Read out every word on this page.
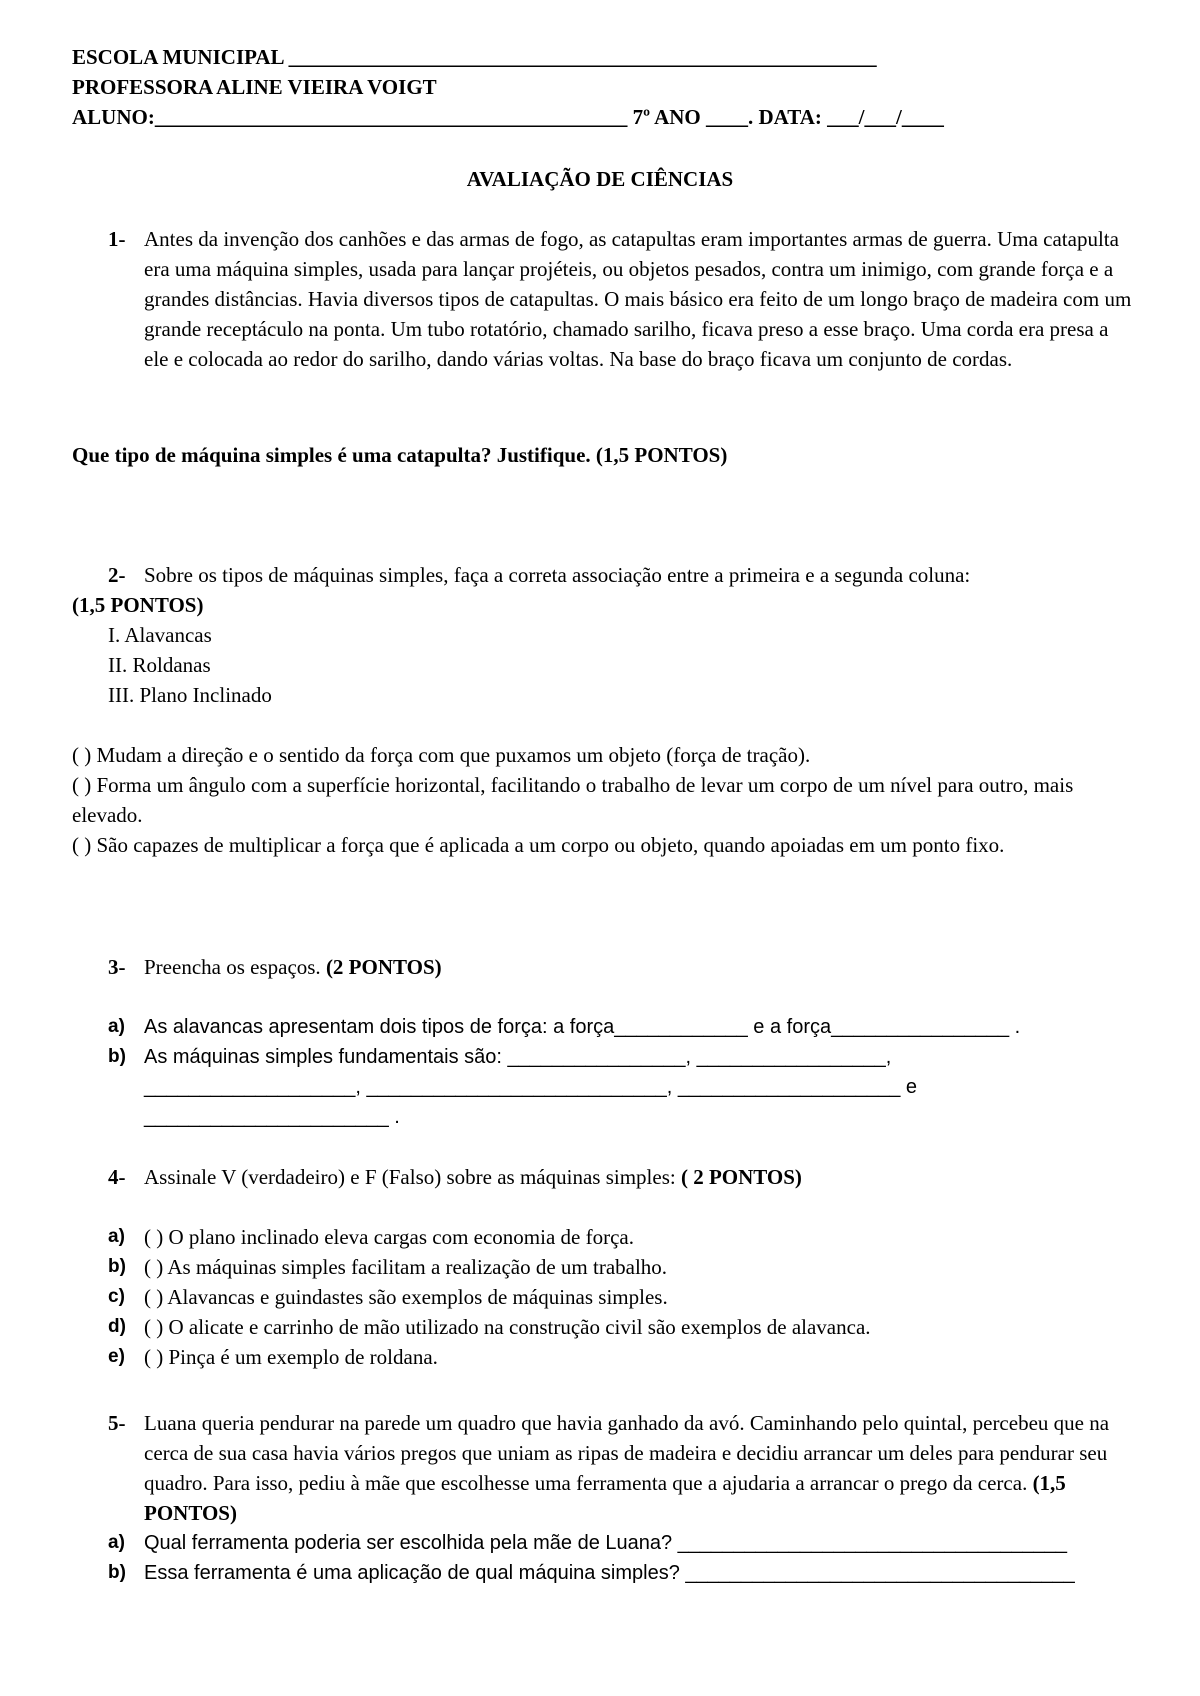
ESCOLA MUNICIPAL ________________________________________________________
PROFESSORA ALINE VIEIRA VOIGT
ALUNO:_____________________________________________ 7º ANO ____. DATA: ___/___/____
AVALIAÇÃO DE CIÊNCIAS
1- Antes da invenção dos canhões e das armas de fogo, as catapultas eram importantes armas de guerra. Uma catapulta era uma máquina simples, usada para lançar projéteis, ou objetos pesados, contra um inimigo, com grande força e a grandes distâncias. Havia diversos tipos de catapultas. O mais básico era feito de um longo braço de madeira com um grande receptáculo na ponta. Um tubo rotatório, chamado sarilho, ficava preso a esse braço. Uma corda era presa a ele e colocada ao redor do sarilho, dando várias voltas. Na base do braço ficava um conjunto de cordas.
Que tipo de máquina simples é uma catapulta? Justifique. (1,5 PONTOS)
2- Sobre os tipos de máquinas simples, faça a correta associação entre a primeira e a segunda coluna:
(1,5 PONTOS)
I. Alavancas
II. Roldanas
III. Plano Inclinado
( ) Mudam a direção e o sentido da força com que puxamos um objeto (força de tração).
( ) Forma um ângulo com a superfície horizontal, facilitando o trabalho de levar um corpo de um nível para outro, mais elevado.
( ) São capazes de multiplicar a força que é aplicada a um corpo ou objeto, quando apoiadas em um ponto fixo.
3- Preencha os espaços. (2 PONTOS)
a) As alavancas apresentam dois tipos de força: a força____________ e a força________________ .
b) As máquinas simples fundamentais são: ________________, _________________,
___________________, ___________________________, ____________________ e
______________________ .
4- Assinale V (verdadeiro) e F (Falso) sobre as máquinas simples: ( 2 PONTOS)
a) ( ) O plano inclinado eleva cargas com economia de força.
b) ( ) As máquinas simples facilitam a realização de um trabalho.
c) ( ) Alavancas e guindastes são exemplos de máquinas simples.
d) ( ) O alicate e carrinho de mão utilizado na construção civil são exemplos de alavanca.
e) ( ) Pinça é um exemplo de roldana.
5- Luana queria pendurar na parede um quadro que havia ganhado da avó. Caminhando pelo quintal, percebeu que na cerca de sua casa havia vários pregos que uniam as ripas de madeira e decidiu arrancar um deles para pendurar seu quadro. Para isso, pediu à mãe que escolhesse uma ferramenta que a ajudaria a arrancar o prego da cerca. (1,5 PONTOS)
a) Qual ferramenta poderia ser escolhida pela mãe de Luana? ___________________________________
b) Essa ferramenta é uma aplicação de qual máquina simples? ___________________________________
